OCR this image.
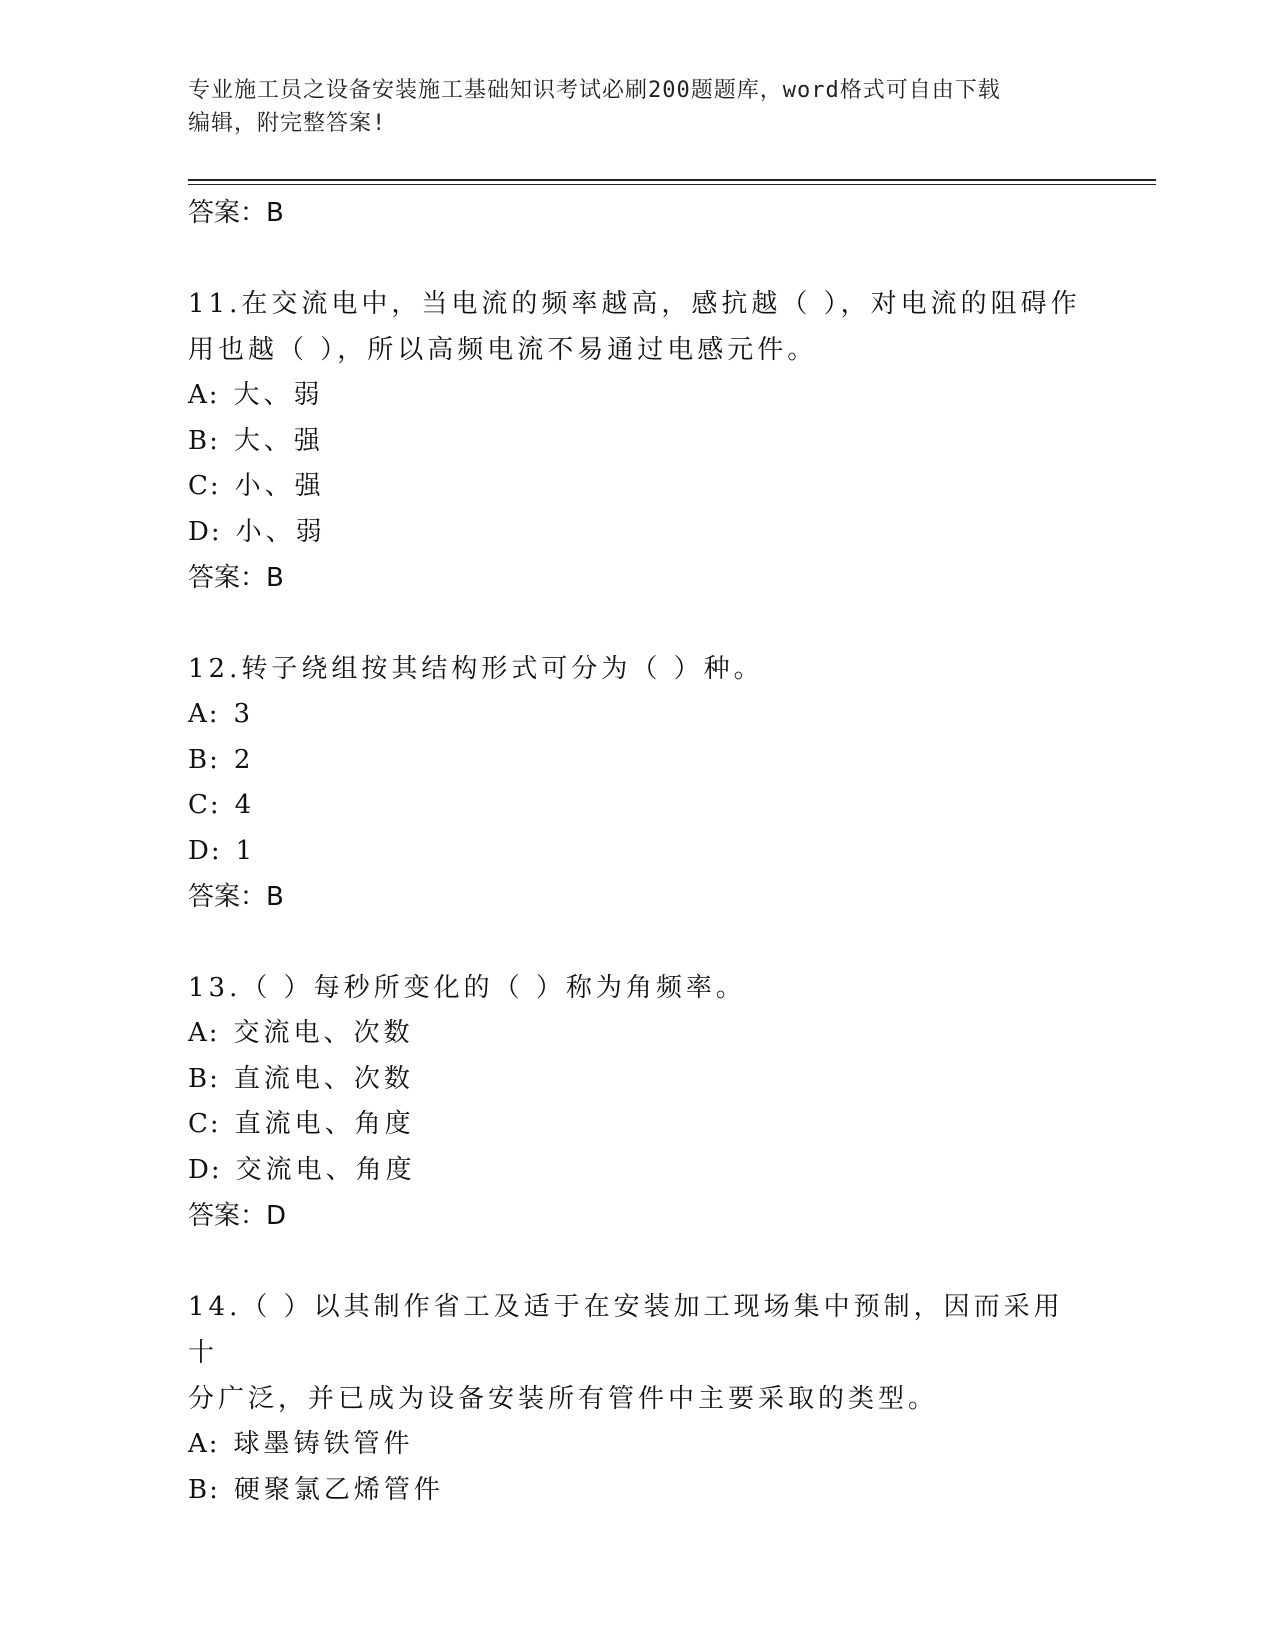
专业施工员之设备安装施工基础知识考试必刷200题题库，word格式可自由下载
编辑，附完整答案!
答案：B
11.在交流电中，当电流的频率越高，感抗越（ ），对电流的阻碍作
用也越（ ），所以高频电流不易通过电感元件。
A: 大、弱
B: 大、强
C: 小、强
D: 小、弱
答案：B
12.转子绕组按其结构形式可分为（ ）种。
A: 3
B: 2
C: 4
D: 1
答案：B
13.（ ）每秒所变化的（ ）称为角频率。
A: 交流电、次数
B: 直流电、次数
C: 直流电、角度
D: 交流电、角度
答案：D
14.（ ）以其制作省工及适于在安装加工现场集中预制，因而采用十
分广泛，并已成为设备安装所有管件中主要采取的类型。
A: 球墨铸铁管件
B: 硬聚氯乙烯管件
